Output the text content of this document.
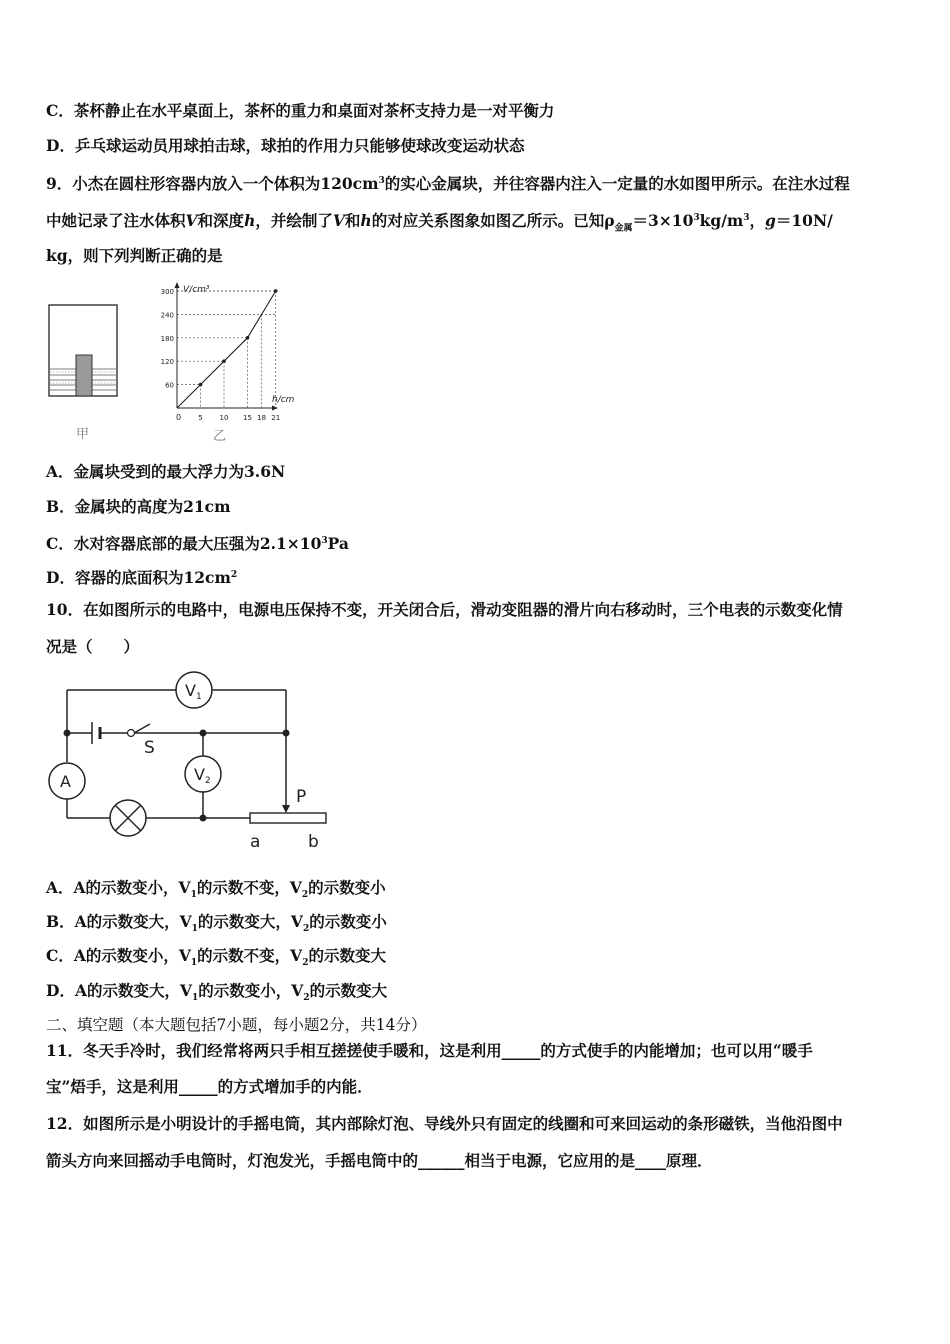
C．茶杯静止在水平桌面上，茶杯的重力和桌面对茶杯支持力是一对平衡力
D．乒乓球运动员用球拍击球，球拍的作用力只能够使球改变运动状态
9．小杰在圆柱形容器内放入一个体积为$120cm^3$的实心金属块，并往容器内注入一定量的水如图甲所示。在注水过程
中她记录了注水体积V和深度h，并绘制了V和h的对应关系图象如图乙所示。已知$\rho_{金属}=3\times 10^3kg/m^3$，g＝10N/
kg，则下列判断正确的是
甲
V/cm³
h/cm
0
60
120
180
240
300
5 10 15 18 21
乙
A．金属块受到的最大浮力为3.6N
B．金属块的高度为21cm
C．水对容器底部的最大压强为$2.1\times 10^3Pa$
D．容器的底面积为$12cm^2$
10．在如图所示的电路中，电源电压保持不变，开关闭合后，滑动变阻器的滑片向右移动时，三个电表的示数变化情
况是（　　）
V1
V2
A
S
P
a	b
A．A的示数变小，$V_1$的示数不变，$V_2$的示数变小
B．A的示数变大，$V_1$的示数变大，$V_2$的示数变小
C．A的示数变小，$V_1$的示数不变，$V_2$的示数变大
D．A的示数变大，$V_1$的示数变小，$V_2$的示数变大
二、填空题（本大题包括7小题，每小题2分，共14分）
11．冬天手冷时，我们经常将两只手相互搓搓使手暖和，这是利用_____的方式使手的内能增加；也可以用“暖手
宝”焐手，这是利用_____的方式增加手的内能．
12．如图所示是小明设计的手摇电筒，其内部除灯泡、导线外只有固定的线圈和可来回运动的条形磁铁，当他沿图中
箭头方向来回摇动手电筒时，灯泡发光，手摇电筒中的______相当于电源，它应用的是____原理．
